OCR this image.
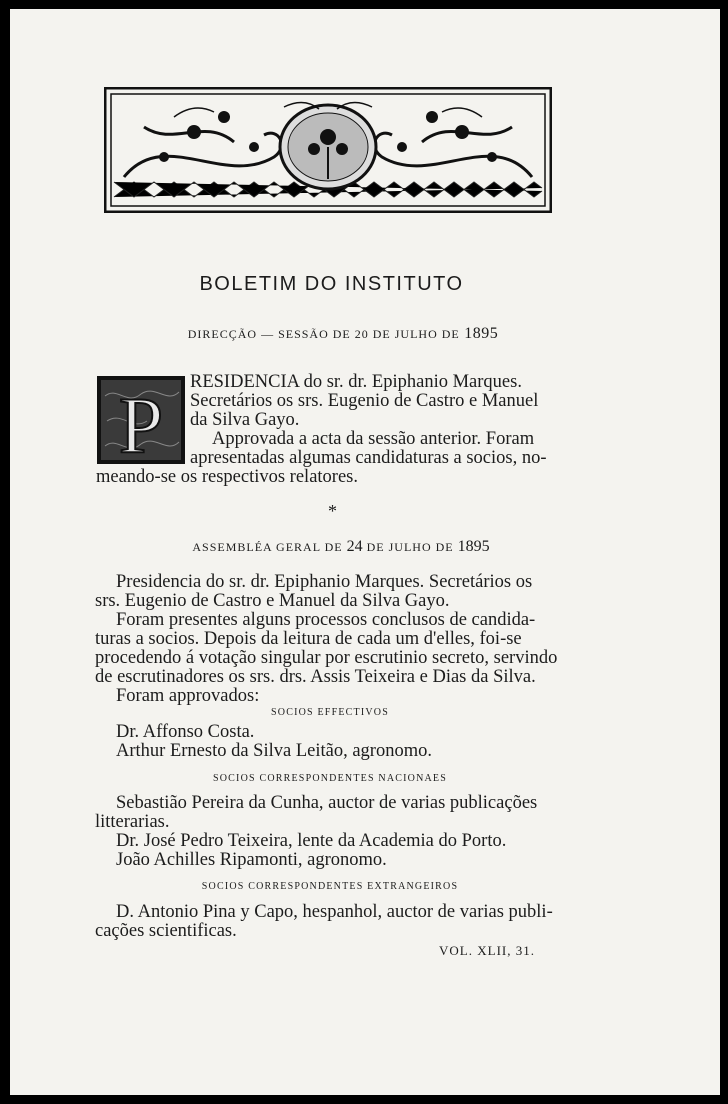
BOLETIM DO INSTITUTO
DIRECÇÃO — SESSÃO DE 20 DE JULHO DE 1895
P RESIDENCIA do sr. dr. Epiphanio Marques.
Secretários os srs. Eugenio de Castro e Manuel
da Silva Gayo.
Approvada a acta da sessão anterior. Foram
apresentadas algumas candidaturas a socios, no-
meando-se os respectivos relatores.
*
ASSEMBLÉA GERAL DE 24 DE JULHO DE 1895
Presidencia do sr. dr. Epiphanio Marques. Secretários os
srs. Eugenio de Castro e Manuel da Silva Gayo.
Foram presentes alguns processos conclusos de candida-
turas a socios. Depois da leitura de cada um d'elles, foi-se
procedendo á votação singular por escrutinio secreto, servindo
de escrutinadores os srs. drs. Assis Teixeira e Dias da Silva.
Foram approvados:
SOCIOS EFFECTIVOS
Dr. Affonso Costa.
Arthur Ernesto da Silva Leitão, agronomo.
SOCIOS CORRESPONDENTES NACIONAES
Sebastião Pereira da Cunha, auctor de varias publicações
litterarias.
Dr. José Pedro Teixeira, lente da Academia do Porto.
João Achilles Ripamonti, agronomo.
SOCIOS CORRESPONDENTES EXTRANGEIROS
D. Antonio Pina y Capo, hespanhol, auctor de varias publi-
cações scientificas.
VOL. XLII, 31.
